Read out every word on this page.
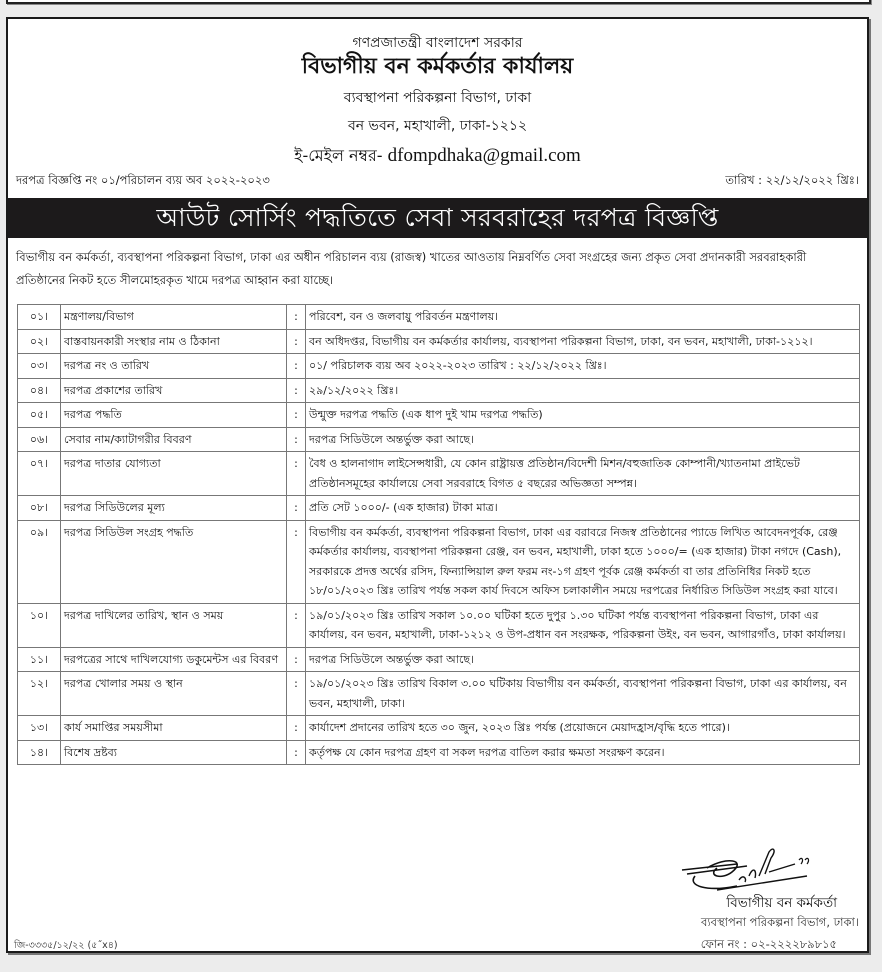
গণপ্রজাতন্ত্রী বাংলাদেশ সরকার
বিভাগীয় বন কর্মকর্তার কার্যালয়
ব্যবস্থাপনা পরিকল্পনা বিভাগ, ঢাকা
বন ভবন, মহাখালী, ঢাকা-১২১২
ই-মেইল নম্বর- dfompdhaka@gmail.com
দরপত্র বিজ্ঞপ্তি নং ০১/পরিচালন ব্যয় অব ২০২২-২০২৩	তারিখ : ২২/১২/২০২২ খ্রিঃ।
আউট সোর্সিং পদ্ধতিতে সেবা সরবরাহের দরপত্র বিজ্ঞপ্তি
বিভাগীয় বন কর্মকর্তা, ব্যবস্থাপনা পরিকল্পনা বিভাগ, ঢাকা এর অধীন পরিচালন ব্যয় (রাজস্ব) খাতের আওতায় নিম্নবর্ণিত সেবা সংগ্রহের জন্য প্রকৃত সেবা প্রদানকারী সরবরাহকারী প্রতিষ্ঠানের নিকট হতে সীলমোহরকৃত খামে দরপত্র আহ্বান করা যাচ্ছে।
০১।	মন্ত্রণালয়/বিভাগ	:	পরিবেশ, বন ও জলবায়ু পরিবর্তন মন্ত্রণালয়।
০২।	বাস্তবায়নকারী সংস্থার নাম ও ঠিকানা	:	বন অধিদপ্তর, বিভাগীয় বন কর্মকর্তার কার্যালয়, ব্যবস্থাপনা পরিকল্পনা বিভাগ, ঢাকা, বন ভবন, মহাখালী, ঢাকা-১২১২।
০৩।	দরপত্র নং ও তারিখ	:	০১/ পরিচালক ব্যয় অব ২০২২-২০২৩ তারিখ : ২২/১২/২০২২ খ্রিঃ।
০৪।	দরপত্র প্রকাশের তারিখ	:	২৯/১২/২০২২ খ্রিঃ।
০৫।	দরপত্র পদ্ধতি	:	উন্মুক্ত দরপত্র পদ্ধতি (এক ধাপ দুই খাম দরপত্র পদ্ধতি)
০৬।	সেবার নাম/ক্যাটাগরীর বিবরণ	:	দরপত্র সিডিউলে অন্তর্ভুক্ত করা আছে।
০৭।	দরপত্র দাতার যোগ্যতা	:	বৈধ ও হালনাগাদ লাইসেন্সধারী, যে কোন রাষ্ট্রায়ত্ত প্রতিষ্ঠান/বিদেশী মিশন/বহুজাতিক কোম্পানী/খ্যাতনামা প্রাইভেট প্রতিষ্ঠানসমূহের কার্যালয়ে সেবা সরবরাহে বিগত ৫ বছরের অভিজ্ঞতা সম্পন্ন।
০৮।	দরপত্র সিডিউলের মূল্য	:	প্রতি সেট ১০০০/- (এক হাজার) টাকা মাত্র।
০৯।	দরপত্র সিডিউল সংগ্রহ পদ্ধতি	:	বিভাগীয় বন কর্মকর্তা, ব্যবস্থাপনা পরিকল্পনা বিভাগ, ঢাকা এর বরাবরে নিজস্ব প্রতিষ্ঠানের প্যাডে লিখিত আবেদনপূর্বক, রেঞ্জ কর্মকর্তার কার্যালয়, ব্যবস্থাপনা পরিকল্পনা রেঞ্জ, বন ভবন, মহাখালী, ঢাকা হতে ১০০০/= (এক হাজার) টাকা নগদে (Cash), সরকারকে প্রদত্ত অর্থের রসিদ, ফিন্যান্সিয়াল রুল ফরম নং-১গ গ্রহণ পূর্বক রেঞ্জ কর্মকর্তা বা তার প্রতিনিধির নিকট হতে ১৮/০১/২০২৩ খ্রিঃ তারিখ পর্যন্ত সকল কার্য দিবসে অফিস চলাকালীন সময়ে দরপত্রের নির্ধারিত সিডিউল সংগ্রহ করা যাবে।
১০।	দরপত্র দাখিলের তারিখ, স্থান ও সময়	:	১৯/০১/২০২৩ খ্রিঃ তারিখ সকাল ১০.০০ ঘটিকা হতে দুপুর ১.৩০ ঘটিকা পর্যন্ত ব্যবস্থাপনা পরিকল্পনা বিভাগ, ঢাকা এর কার্যালয়, বন ভবন, মহাখালী, ঢাকা-১২১২ ও উপ-প্রধান বন সংরক্ষক, পরিকল্পনা উইং, বন ভবন, আগারগাঁও, ঢাকা কার্যালয়।
১১।	দরপত্রের সাথে দাখিলযোগ্য ডকুমেন্টস এর বিবরণ	:	দরপত্র সিডিউলে অন্তর্ভুক্ত করা আছে।
১২।	দরপত্র খোলার সময় ও স্থান	:	১৯/০১/২০২৩ খ্রিঃ তারিখ বিকাল ৩.০০ ঘটিকায় বিভাগীয় বন কর্মকর্তা, ব্যবস্থাপনা পরিকল্পনা বিভাগ, ঢাকা এর কার্যালয়, বন ভবন, মহাখালী, ঢাকা।
১৩।	কার্য সমাপ্তির সময়সীমা	:	কার্যাদেশ প্রদানের তারিখ হতে ৩০ জুন, ২০২৩ খ্রিঃ পর্যন্ত (প্রয়োজনে মেয়াদহ্রাস/বৃদ্ধি হতে পারে)।
১৪।	বিশেষ দ্রষ্টব্য	:	কর্তৃপক্ষ যে কোন দরপত্র গ্রহণ বা সকল দরপত্র বাতিল করার ক্ষমতা সংরক্ষণ করেন।
বিভাগীয় বন কর্মকর্তা
ব্যবস্থাপনা পরিকল্পনা বিভাগ, ঢাকা।
ফোন নং : ০২-২২২২৮৯৮১৫
জি-৩৩৩৫/১২/২২ (৫˝x৪)
